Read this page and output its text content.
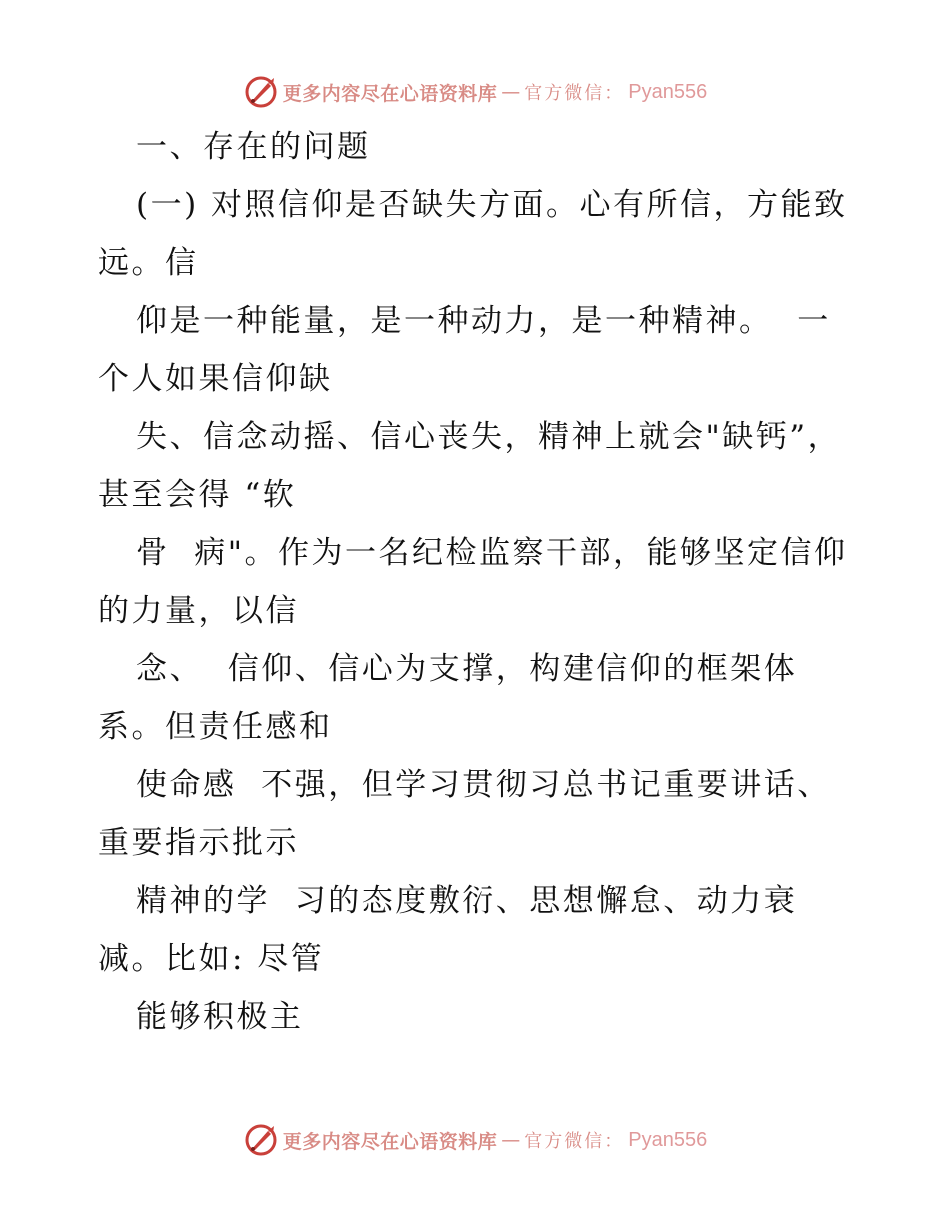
更多内容尽在心语资料库 — 官方微信： Pyan556
一、存在的问题
(一) 对照信仰是否缺失方面。心有所信，方能致
远。信
仰是一种能量，是一种动力，是一种精神。  一
个人如果信仰缺
失、信念动摇、信心丧失，精神上就会"缺钙”，
甚至会得 “软
骨  病"。作为一名纪检监察干部，能够坚定信仰
的力量，以信
念、  信仰、信心为支撑，构建信仰的框架体
系。但责任感和
使命感  不强，但学习贯彻习总书记重要讲话、
重要指示批示
精神的学  习的态度敷衍、思想懈怠、动力衰
减。比如: 尽管
能够积极主
更多内容尽在心语资料库 — 官方微信： Pyan556
